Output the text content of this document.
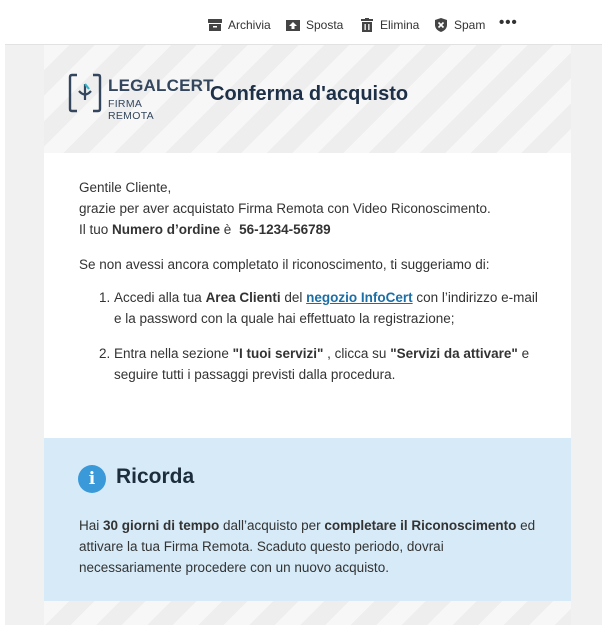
Archivia	Sposta	Elimina	Spam •••
LEGALCERT
FIRMA REMOTA
Conferma d'acquisto

Gentile Cliente,

grazie per aver acquistato Firma Remota con Video Riconoscimento.

Il tuo Numero d’ordine è 56-1234-56789

Se non avessi ancora completato il riconoscimento, ti suggeriamo di:

1. Accedi alla tua Area Clienti del negozio InfoCert con l’indirizzo e-mail e la password con la quale hai effettuato la registrazione;
2. Entra nella sezione "I tuoi servizi" , clicca su "Servizi da attivare" e seguire tutti i passaggi previsti dalla procedura.
i Ricorda
Hai 30 giorni di tempo dall’acquisto per completare il Riconoscimento ed attivare la tua Firma Remota. Scaduto questo periodo, dovrai necessariamente procedere con un nuovo acquisto.
